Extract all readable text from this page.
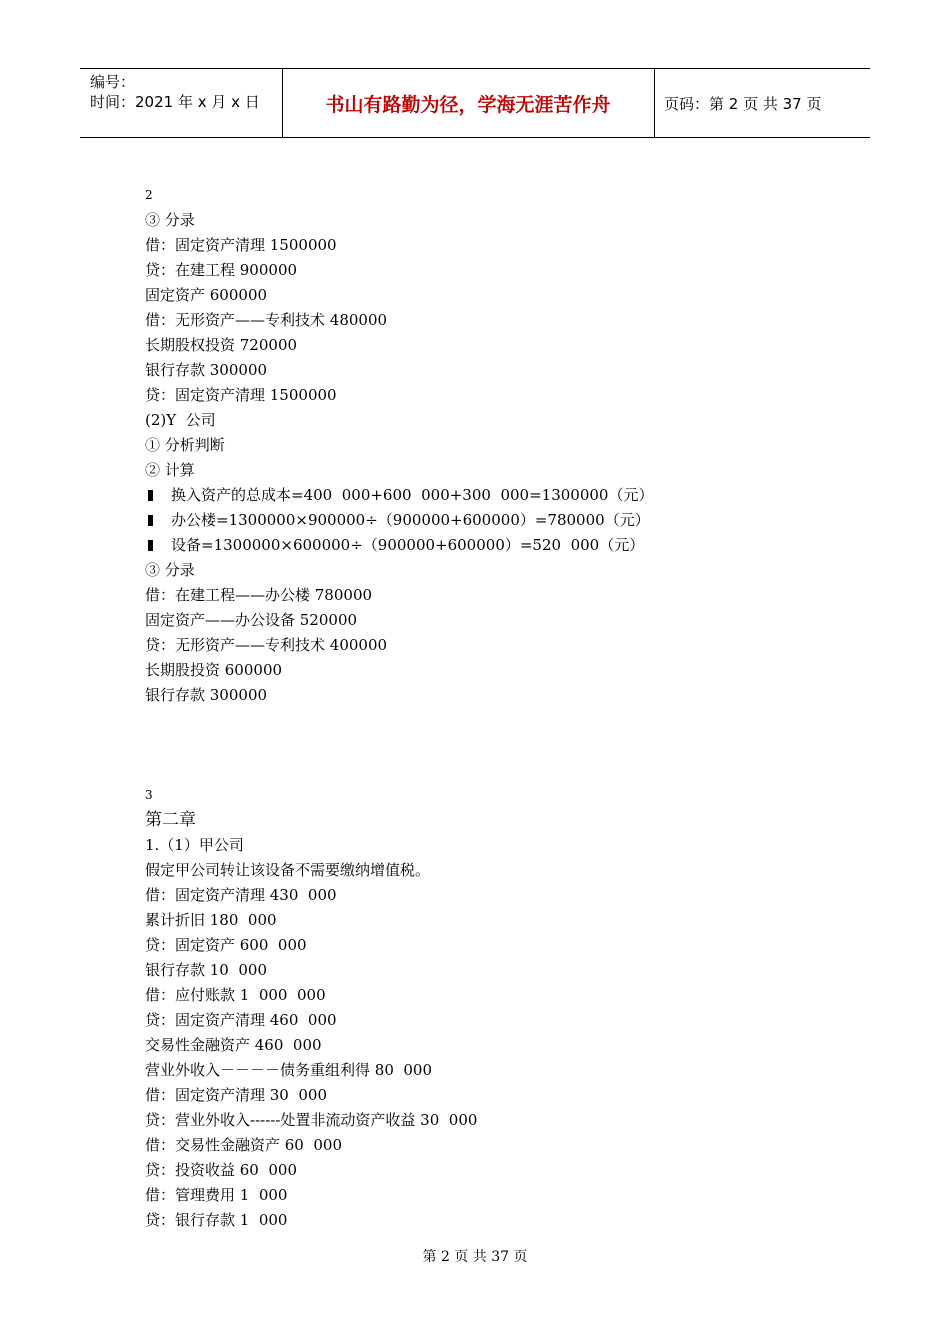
编号：
时间：2021 年 x 月 x 日	书山有路勤为径，学海无涯苦作舟	页码：第 2 页 共 37 页
2
③ 分录
借：固定资产清理 1500000
贷：在建工程 900000
固定资产 600000
借：无形资产——专利技术 480000
长期股权投资 720000
银行存款 300000
贷：固定资产清理 1500000
(2)Y  公司
① 分析判断
② 计算
换入资产的总成本=400  000+600  000+300  000=1300000（元）
办公楼=1300000×900000÷（900000+600000）=780000（元）
设备=1300000×600000÷（900000+600000）=520  000（元）
③ 分录
借：在建工程——办公楼 780000
固定资产——办公设备 520000
贷：无形资产——专利技术 400000
长期股投资 600000
银行存款 300000
3
第二章
1.（1）甲公司
假定甲公司转让该设备不需要缴纳增值税。
借：固定资产清理 430  000
累计折旧 180  000
贷：固定资产 600  000
银行存款 10  000
借：应付账款 1  000  000
贷：固定资产清理 460  000
交易性金融资产 460  000
营业外收入－－－－债务重组利得 80  000
借：固定资产清理 30  000
贷：营业外收入------处置非流动资产收益 30  000
借：交易性金融资产 60  000
贷：投资收益 60  000
借：管理费用 1  000
贷：银行存款 1  000
第 2 页 共 37 页
